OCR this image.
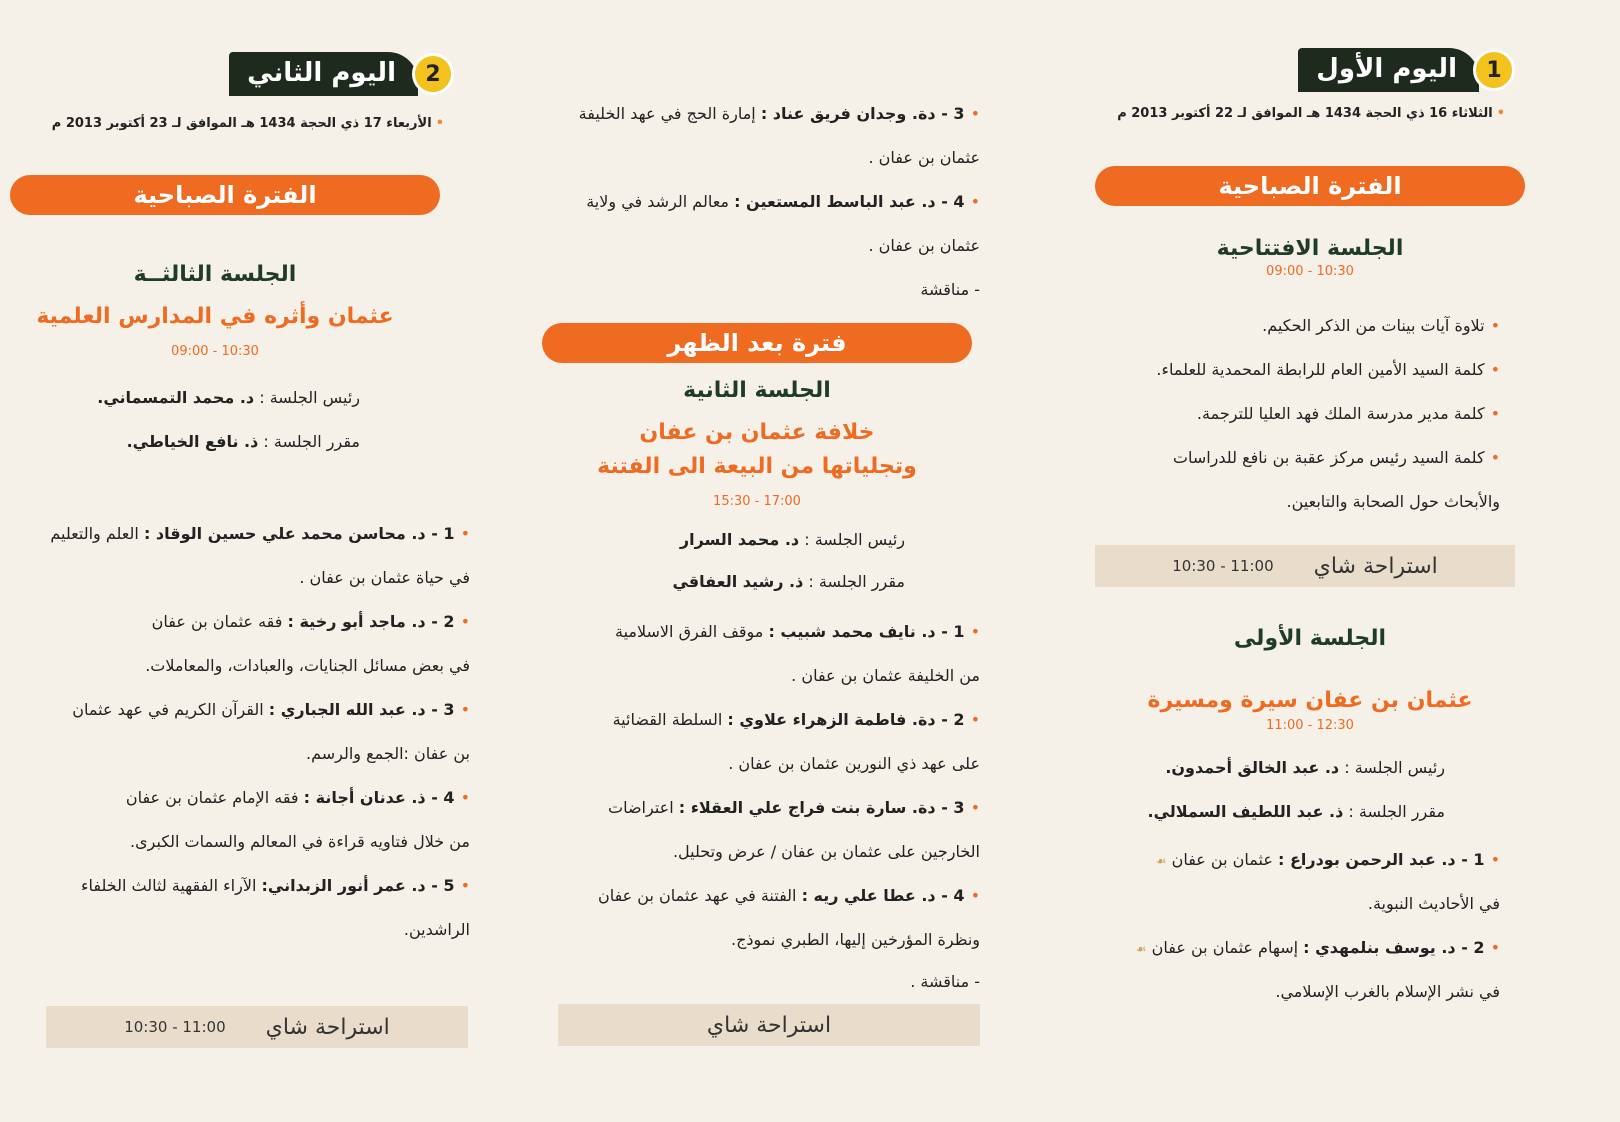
1
اليوم الأول
•الثلاثاء 16 ذي الحجة 1434 هـ الموافق لـ 22 أكتوبر 2013 م
الفترة الصباحية
الجلسة الافتتاحية
09:00 - 10:30
•تلاوة آيات بينات من الذكر الحكيم.
•كلمة السيد الأمين العام للرابطة المحمدية للعلماء.
•كلمة مدير مدرسة الملك فهد العليا للترجمة.
•كلمة السيد رئيس مركز عقبة بن نافع للدراسات
والأبحاث حول الصحابة والتابعين.
استراحة شاي
10:30 - 11:00
الجلسة الأولى
عثمان بن عفان سيرة ومسيرة
11:00 - 12:30
رئيس الجلسة : د. عبد الخالق أحمدون.
مقرر الجلسة : ذ. عبد اللطيف السملالي.
•1 - د. عبد الرحمن بودراع : عثمان بن عفان ☙
في الأحاديث النبوية.
•2 - د. يوسف بنلمهدي : إسهام عثمان بن عفان ☙
في نشر الإسلام بالغرب الإسلامي.
•3 - دة. وجدان فريق عناد : إمارة الحج في عهد الخليفة
عثمان بن عفان .
•4 - د. عبد الباسط المستعين : معالم الرشد في ولاية
عثمان بن عفان .
- مناقشة
فترة بعد الظهر
الجلسة الثانية
خلافة عثمان بن عفان
وتجلياتها من البيعة الى الفتنة
15:30 - 17:00
رئيس الجلسة : د. محمد السرار
مقرر الجلسة : ذ. رشيد العفاقي
•1 - د. نايف محمد شبيب : موقف الفرق الاسلامية
من الخليفة عثمان بن عفان .
•2 - دة. فاطمة الزهراء علاوي : السلطة القضائية
على عهد ذي النورين عثمان بن عفان .
•3 - دة. سارة بنت فراج علي العقلاء : اعتراضات
الخارجين على عثمان بن عفان / عرض وتحليل.
•4 - د. عطا علي ريه : الفتنة في عهد عثمان بن عفان
ونظرة المؤرخين إليها، الطبري نموذج.
- مناقشة .
استراحة شاي
2
اليوم الثاني
•الأربعاء 17 ذي الحجة 1434 هـ الموافق لـ 23 أكتوبر 2013 م
الفترة الصباحية
الجلسة الثالثــة
عثمان وأثره في المدارس العلمية
09:00 - 10:30
رئيس الجلسة : د. محمد التمسماني.
مقرر الجلسة : ذ. نافع الخياطي.
•1 - د. محاسن محمد علي حسين الوقاد : العلم والتعليم
في حياة عثمان بن عفان .
•2 - د. ماجد أبو رخية : فقه عثمان بن عفان
في بعض مسائل الجنايات، والعبادات، والمعاملات.
•3 - د. عبد الله الجباري : القرآن الكريم في عهد عثمان
بن عفان :الجمع والرسم.
•4 - ذ. عدنان أجانة : فقه الإمام عثمان بن عفان
من خلال فتاويه قراءة في المعالم والسمات الكبرى.
•5 - د. عمر أنور الزبداني: الآراء الفقهية لثالث الخلفاء
الراشدين.
استراحة شاي
10:30 - 11:00
